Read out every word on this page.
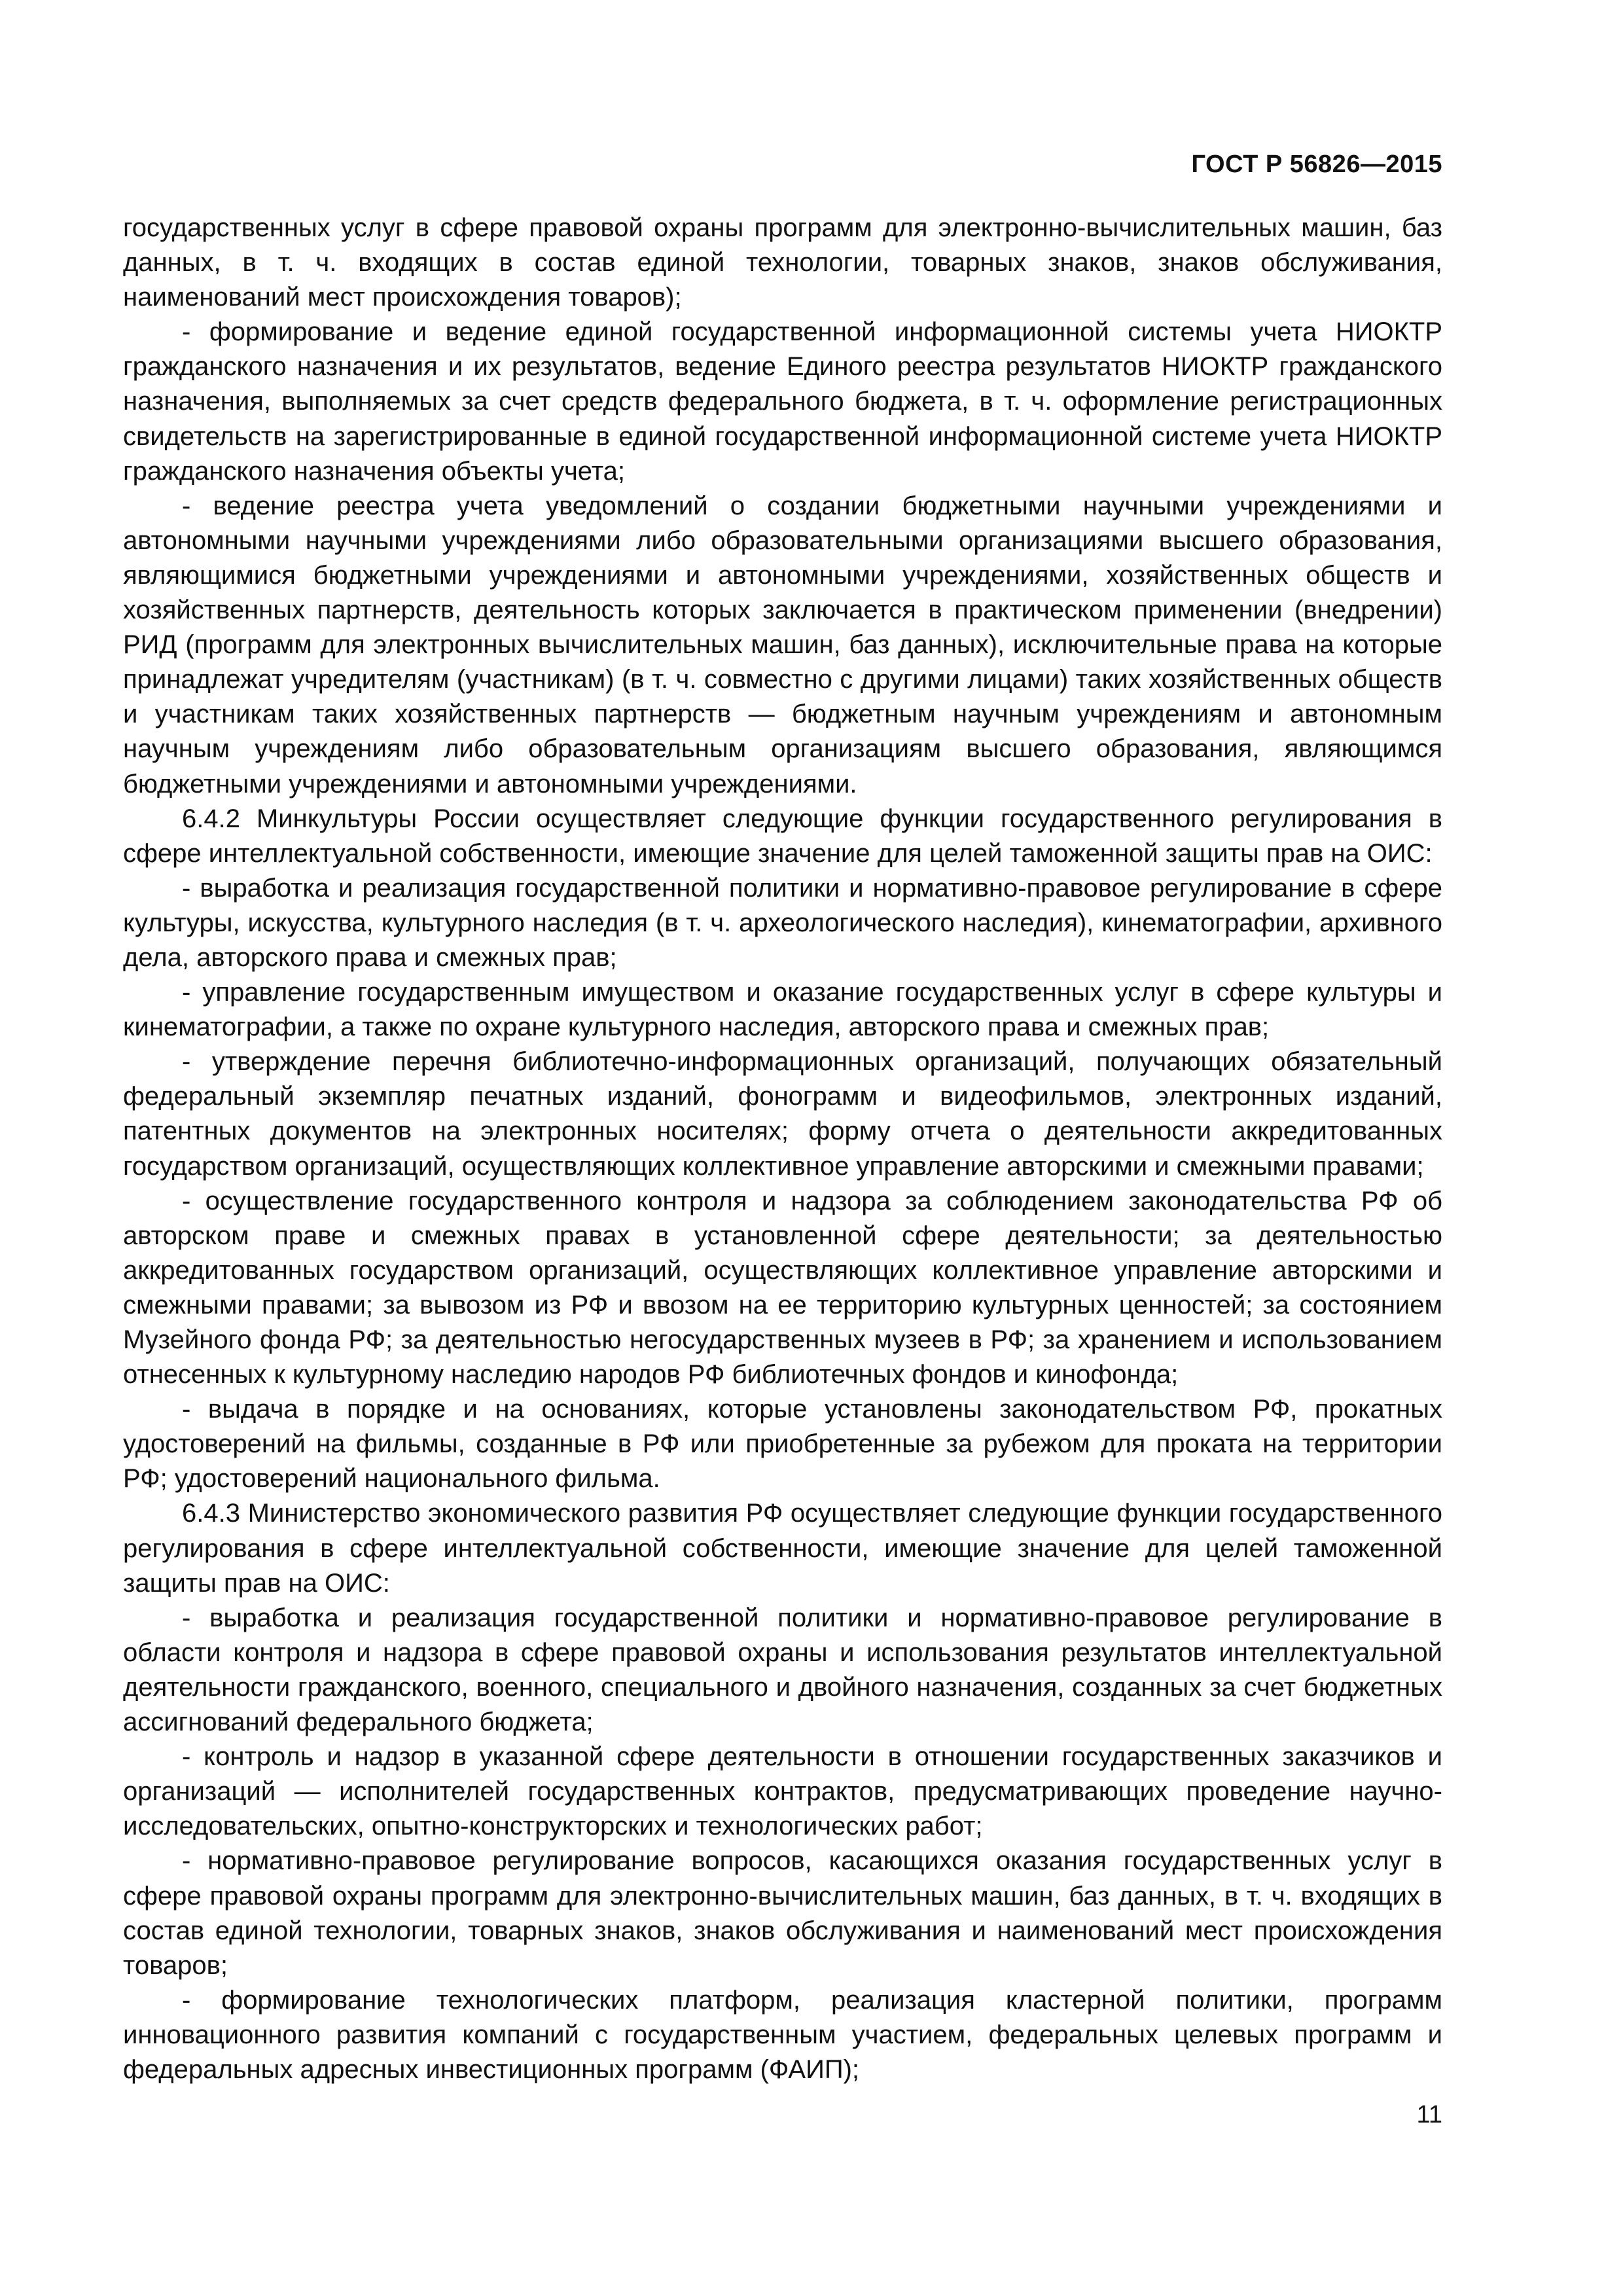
ГОСТ Р 56826—2015

государственных услуг в сфере правовой охраны программ для электронно-вычислительных машин, баз данных, в т. ч. входящих в состав единой технологии, товарных знаков, знаков обслуживания, наименований мест происхождения товаров);

- формирование и ведение единой государственной информационной системы учета НИОКТР гражданского назначения и их результатов, ведение Единого реестра результатов НИОКТР гражданского назначения, выполняемых за счет средств федерального бюджета, в т. ч. оформление регистрационных свидетельств на зарегистрированные в единой государственной информационной системе учета НИОКТР гражданского назначения объекты учета;

- ведение реестра учета уведомлений о создании бюджетными научными учреждениями и автономными научными учреждениями либо образовательными организациями высшего образования, являющимися бюджетными учреждениями и автономными учреждениями, хозяйственных обществ и хозяйственных партнерств, деятельность которых заключается в практическом применении (внедрении) РИД (программ для электронных вычислительных машин, баз данных), исключительные права на которые принадлежат учредителям (участникам) (в т. ч. совместно с другими лицами) таких хозяйственных обществ и участникам таких хозяйственных партнерств — бюджетным научным учреждениям и автономным научным учреждениям либо образовательным организациям высшего образования, являющимся бюджетными учреждениями и автономными учреждениями.

6.4.2 Минкультуры России осуществляет следующие функции государственного регулирования в сфере интеллектуальной собственности, имеющие значение для целей таможенной защиты прав на ОИС:

- выработка и реализация государственной политики и нормативно-правовое регулирование в сфере культуры, искусства, культурного наследия (в т. ч. археологического наследия), кинематографии, архивного дела, авторского права и смежных прав;

- управление государственным имуществом и оказание государственных услуг в сфере культуры и кинематографии, а также по охране культурного наследия, авторского права и смежных прав;

- утверждение перечня библиотечно-информационных организаций, получающих обязательный федеральный экземпляр печатных изданий, фонограмм и видеофильмов, электронных изданий, патентных документов на электронных носителях; форму отчета о деятельности аккредитованных государством организаций, осуществляющих коллективное управление авторскими и смежными правами;

- осуществление государственного контроля и надзора за соблюдением законодательства РФ об авторском праве и смежных правах в установленной сфере деятельности; за деятельностью аккредитованных государством организаций, осуществляющих коллективное управление авторскими и смежными правами; за вывозом из РФ и ввозом на ее территорию культурных ценностей; за состоянием Музейного фонда РФ; за деятельностью негосударственных музеев в РФ; за хранением и использованием отнесенных к культурному наследию народов РФ библиотечных фондов и кинофонда;

- выдача в порядке и на основаниях, которые установлены законодательством РФ, прокатных удостоверений на фильмы, созданные в РФ или приобретенные за рубежом для проката на территории РФ; удостоверений национального фильма.

6.4.3 Министерство экономического развития РФ осуществляет следующие функции государственного регулирования в сфере интеллектуальной собственности, имеющие значение для целей таможенной защиты прав на ОИС:

- выработка и реализация государственной политики и нормативно-правовое регулирование в области контроля и надзора в сфере правовой охраны и использования результатов интеллектуальной деятельности гражданского, военного, специального и двойного назначения, созданных за счет бюджетных ассигнований федерального бюджета;

- контроль и надзор в указанной сфере деятельности в отношении государственных заказчиков и организаций — исполнителей государственных контрактов, предусматривающих проведение научно-исследовательских, опытно-конструкторских и технологических работ;

- нормативно-правовое регулирование вопросов, касающихся оказания государственных услуг в сфере правовой охраны программ для электронно-вычислительных машин, баз данных, в т. ч. входящих в состав единой технологии, товарных знаков, знаков обслуживания и наименований мест происхождения товаров;

- формирование технологических платформ, реализация кластерной политики, программ инновационного развития компаний с государственным участием, федеральных целевых программ и федеральных адресных инвестиционных программ (ФАИП);

11
